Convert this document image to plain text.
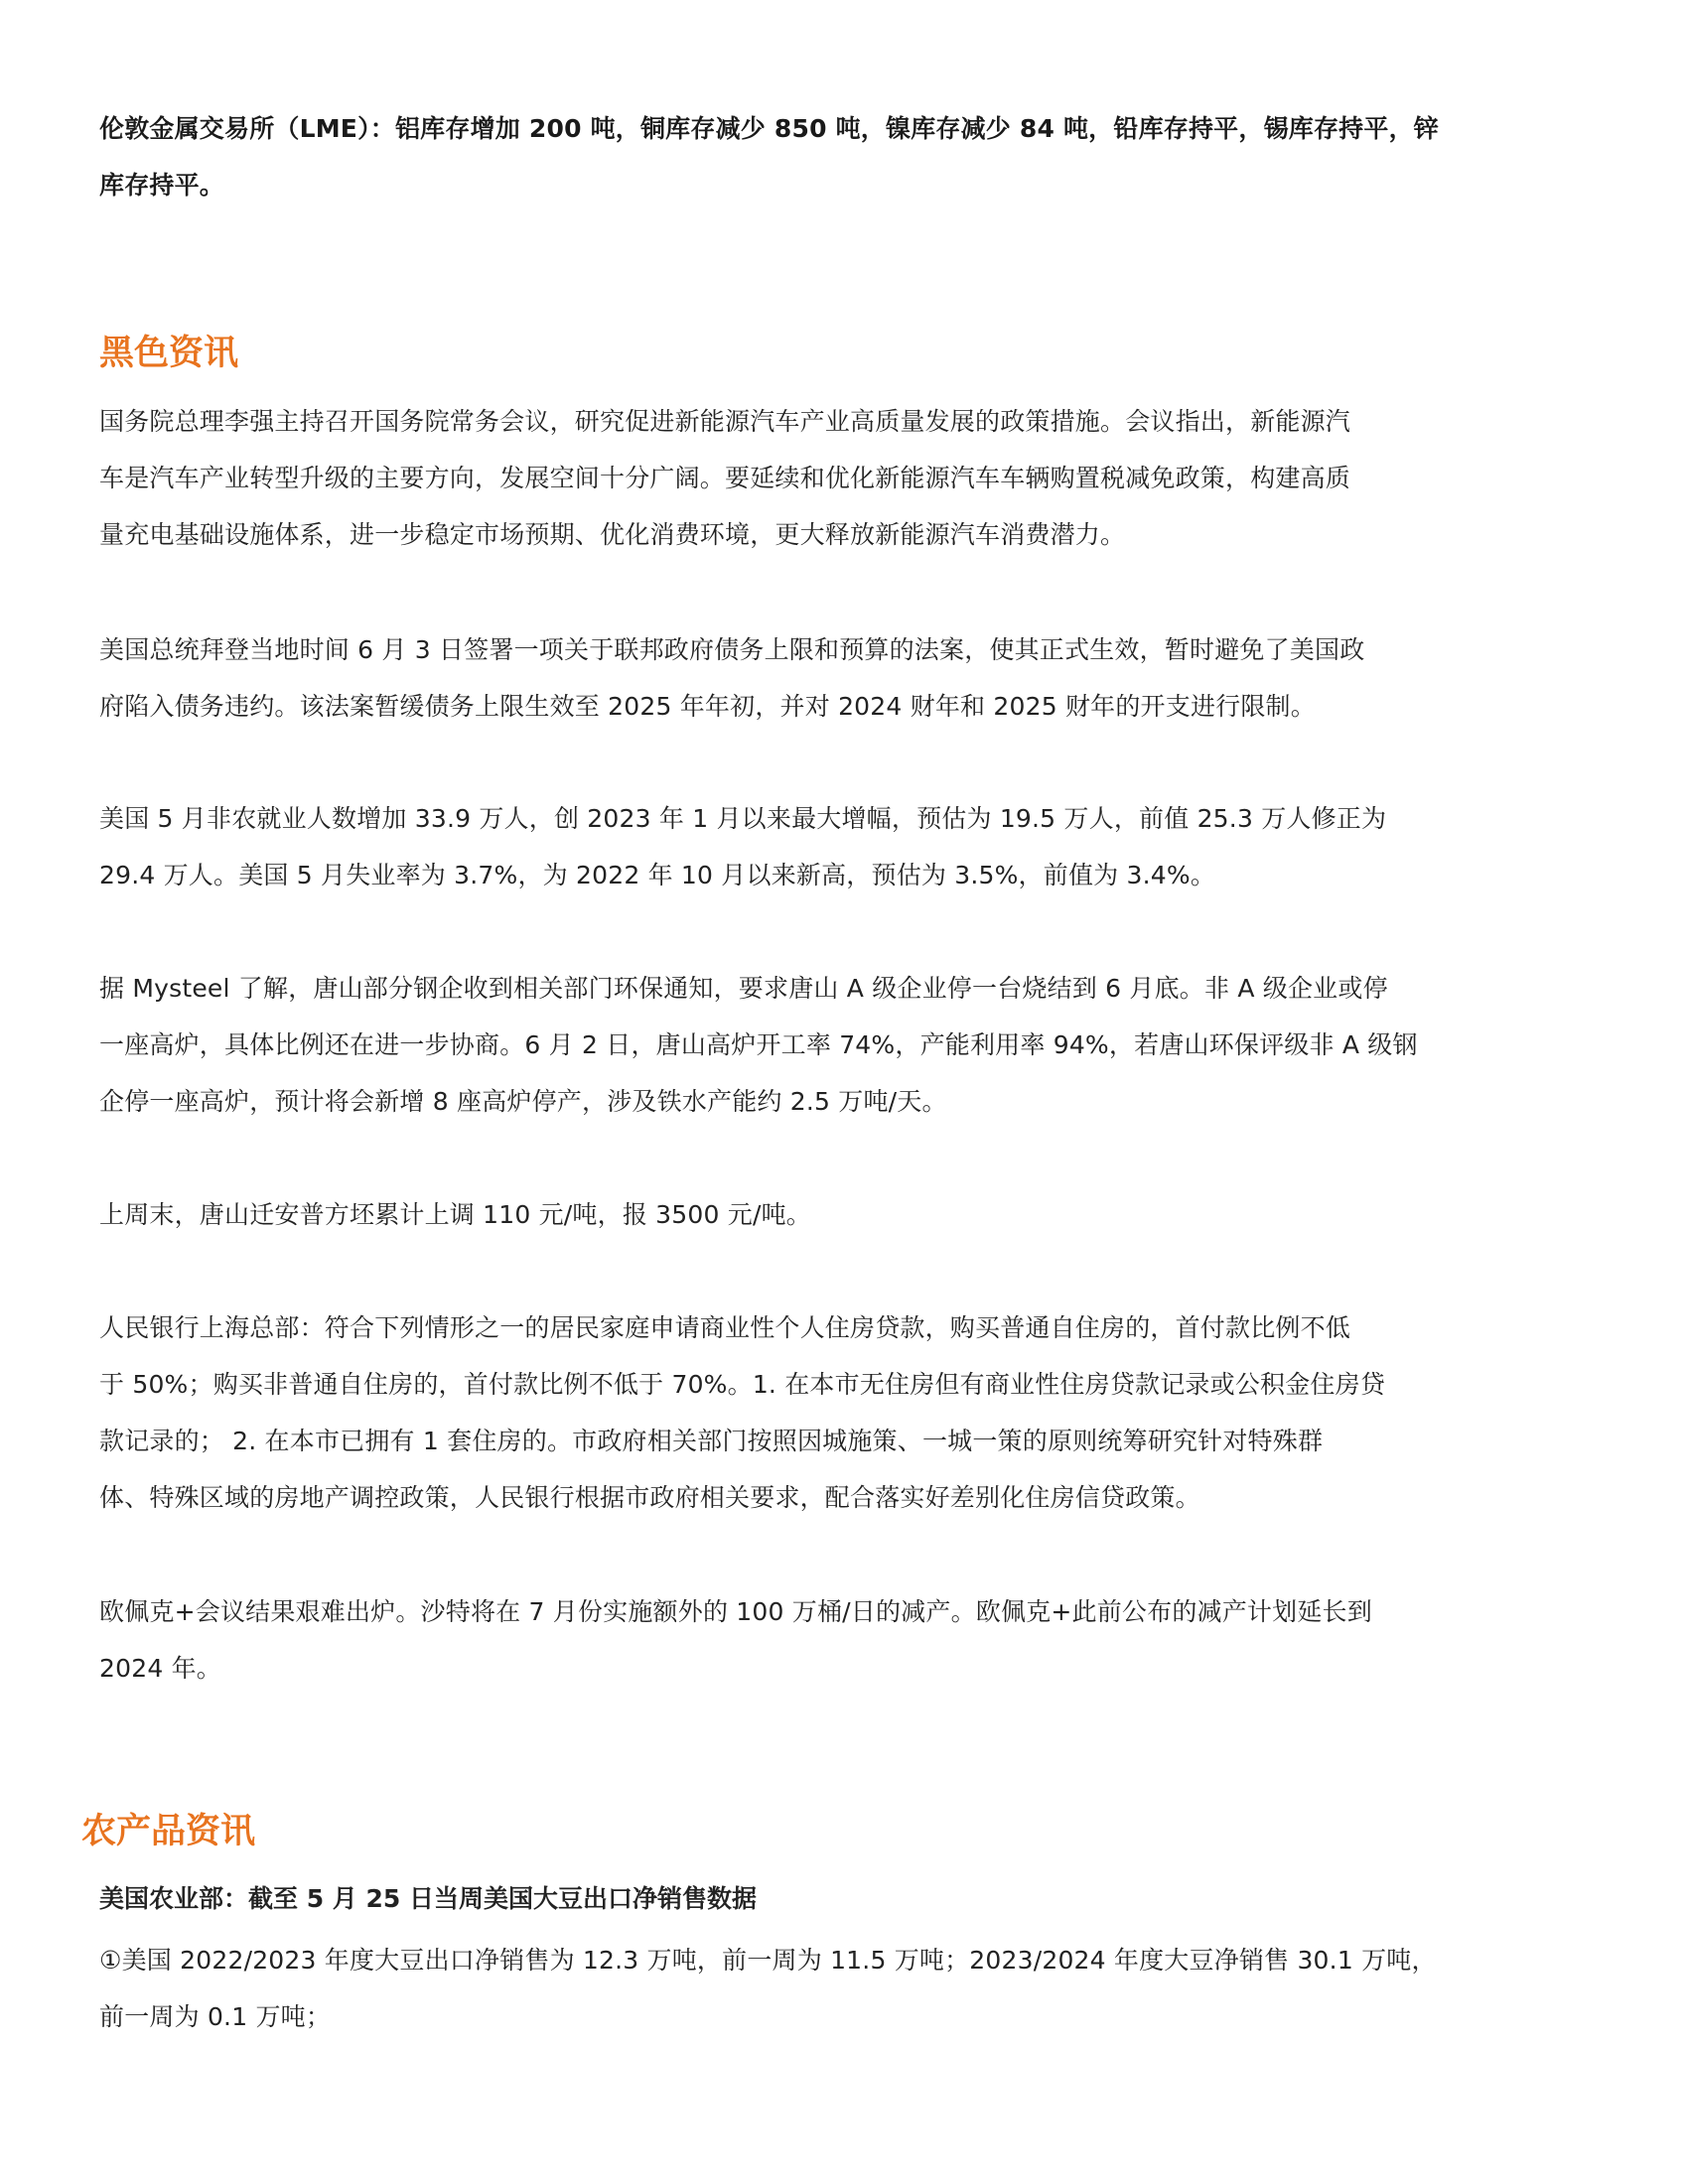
伦敦金属交易所（LME）：铝库存增加 200 吨，铜库存减少 850 吨，镍库存减少 84 吨，铅库存持平，锡库存持平，锌
库存持平。

黑色资讯

国务院总理李强主持召开国务院常务会议，研究促进新能源汽车产业高质量发展的政策措施。会议指出，新能源汽
车是汽车产业转型升级的主要方向，发展空间十分广阔。要延续和优化新能源汽车车辆购置税减免政策，构建高质
量充电基础设施体系，进一步稳定市场预期、优化消费环境，更大释放新能源汽车消费潜力。

美国总统拜登当地时间 6 月 3 日签署一项关于联邦政府债务上限和预算的法案，使其正式生效，暂时避免了美国政
府陷入债务违约。该法案暂缓债务上限生效至 2025 年年初，并对 2024 财年和 2025 财年的开支进行限制。

美国 5 月非农就业人数增加 33.9 万人，创 2023 年 1 月以来最大增幅，预估为 19.5 万人，前值 25.3 万人修正为
29.4 万人。美国 5 月失业率为 3.7%，为 2022 年 10 月以来新高，预估为 3.5%，前值为 3.4%。

据 Mysteel 了解，唐山部分钢企收到相关部门环保通知，要求唐山 A 级企业停一台烧结到 6 月底。非 A 级企业或停
一座高炉，具体比例还在进一步协商。6 月 2 日，唐山高炉开工率 74%，产能利用率 94%，若唐山环保评级非 A 级钢
企停一座高炉，预计将会新增 8 座高炉停产，涉及铁水产能约 2.5 万吨/天。

上周末，唐山迁安普方坯累计上调 110 元/吨，报 3500 元/吨。

人民银行上海总部：符合下列情形之一的居民家庭申请商业性个人住房贷款，购买普通自住房的，首付款比例不低
于 50%；购买非普通自住房的，首付款比例不低于 70%。1. 在本市无住房但有商业性住房贷款记录或公积金住房贷
款记录的； 2. 在本市已拥有 1 套住房的。市政府相关部门按照因城施策、一城一策的原则统筹研究针对特殊群
体、特殊区域的房地产调控政策，人民银行根据市政府相关要求，配合落实好差别化住房信贷政策。

欧佩克+会议结果艰难出炉。沙特将在 7 月份实施额外的 100 万桶/日的减产。欧佩克+此前公布的减产计划延长到
2024 年。

农产品资讯

美国农业部：截至 5 月 25 日当周美国大豆出口净销售数据

①美国 2022/2023 年度大豆出口净销售为 12.3 万吨，前一周为 11.5 万吨；2023/2024 年度大豆净销售 30.1 万吨，
前一周为 0.1 万吨；
